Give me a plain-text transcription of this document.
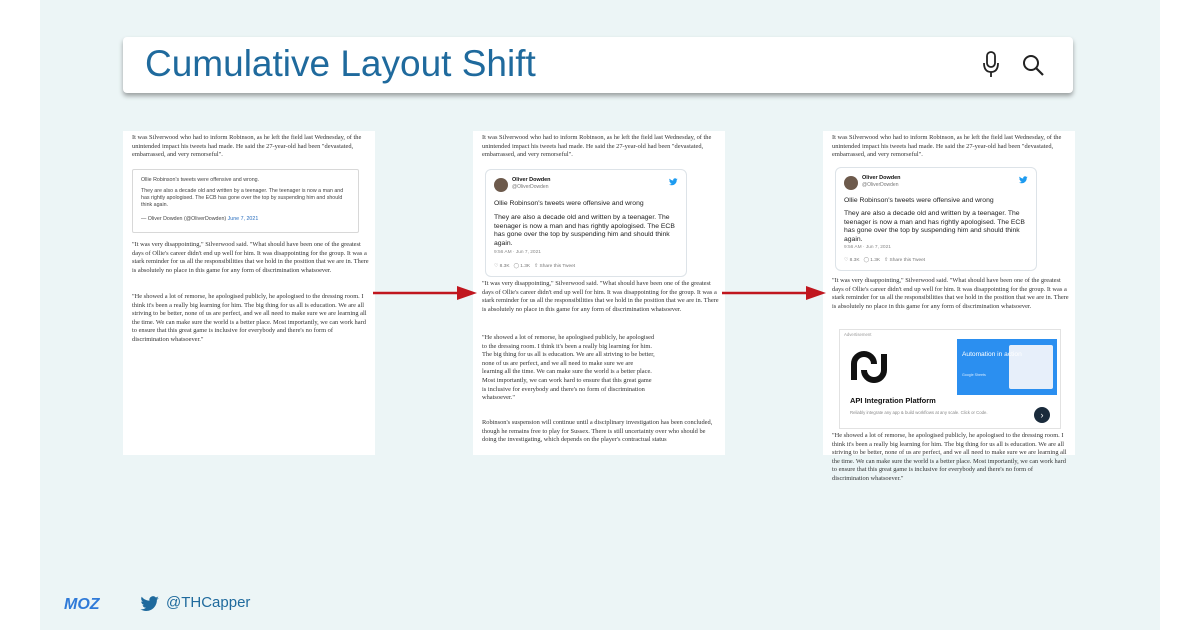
Cumulative Layout Shift
It was Silverwood who had to inform Robinson, as he left the field last Wednesday, of the unintended impact his tweets had made. He said the 27-year-old had been "devastated, embarrassed, and very remorseful".
Ollie Robinson's tweets were offensive and wrong.
They are also a decade old and written by a teenager. The teenager is now a man and has rightly apologised. The ECB has gone over the top by suspending him and should think again.
— Oliver Dowden (@OliverDowden) June 7, 2021
"It was very disappointing," Silverwood said. "What should have been one of the greatest days of Ollie's career didn't end up well for him. It was disappointing for the group. It was a stark reminder for us all the responsibilities that we hold in the position that we are in. There is absolutely no place in this game for any form of discrimination whatsoever.
"He showed a lot of remorse, he apologised publicly, he apologised to the dressing room. I think it's been a really big learning for him. The big thing for us all is education. We are all striving to be better, none of us are perfect, and we all need to make sure we are learning all the time. We can make sure the world is a better place. Most importantly, we can work hard to ensure that this great game is inclusive for everybody and there's no form of discrimination whatsoever."
It was Silverwood who had to inform Robinson, as he left the field last Wednesday, of the unintended impact his tweets had made. He said the 27-year-old had been "devastated, embarrassed, and very remorseful".
Oliver Dowden
@OliverDowden
Ollie Robinson's tweets were offensive and wrong
They are also a decade old and written by a teenager. The teenager is now a man and has rightly apologised. The ECB has gone over the top by suspending him and should think again.
9:56 AM · Jun 7, 2021
♡ 8.3K ◯ 1.3K ⇧ Share this Tweet
"It was very disappointing," Silverwood said. "What should have been one of the greatest days of Ollie's career didn't end up well for him. It was disappointing for the group. It was a stark reminder for us all the responsibilities that we hold in the position that we are in. There is absolutely no place in this game for any form of discrimination whatsoever.
"He showed a lot of remorse, he apologised publicly, he apologised to the dressing room. I think it's been a really big learning for him. The big thing for us all is education. We are all striving to be better, none of us are perfect, and we all need to make sure we are learning all the time. We can make sure the world is a better place. Most importantly, we can work hard to ensure that this great game is inclusive for everybody and there's no form of discrimination whatsoever."
Robinson's suspension will continue until a disciplinary investigation has been concluded, though he remains free to play for Sussex. There is still uncertainty over who should be doing the investigating, which depends on the player's contractual status
It was Silverwood who had to inform Robinson, as he left the field last Wednesday, of the unintended impact his tweets had made. He said the 27-year-old had been "devastated, embarrassed, and very remorseful".
Oliver Dowden
@OliverDowden
Ollie Robinson's tweets were offensive and wrong
They are also a decade old and written by a teenager. The teenager is now a man and has rightly apologised. The ECB has gone over the top by suspending him and should think again.
9:56 AM · Jun 7, 2021
♡ 8.3K ◯ 1.3K ⇧ Share this Tweet
"It was very disappointing," Silverwood said. "What should have been one of the greatest days of Ollie's career didn't end up well for him. It was disappointing for the group. It was a stark reminder for us all the responsibilities that we hold in the position that we are in. There is absolutely no place in this game for any form of discrimination whatsoever.
Advertisement
Automation in action
Google Sheets
API Integration Platform
Reliably integrate any app & build workflows at any scale. Click or Code.	›
"He showed a lot of remorse, he apologised publicly, he apologised to the dressing room. I think it's been a really big learning for him. The big thing for us all is education. We are all striving to be better, none of us are perfect, and we all need to make sure we are learning all the time. We can make sure the world is a better place. Most importantly, we can work hard to ensure that this great game is inclusive for everybody and there's no form of discrimination whatsoever."
MOZ	@THCapper
